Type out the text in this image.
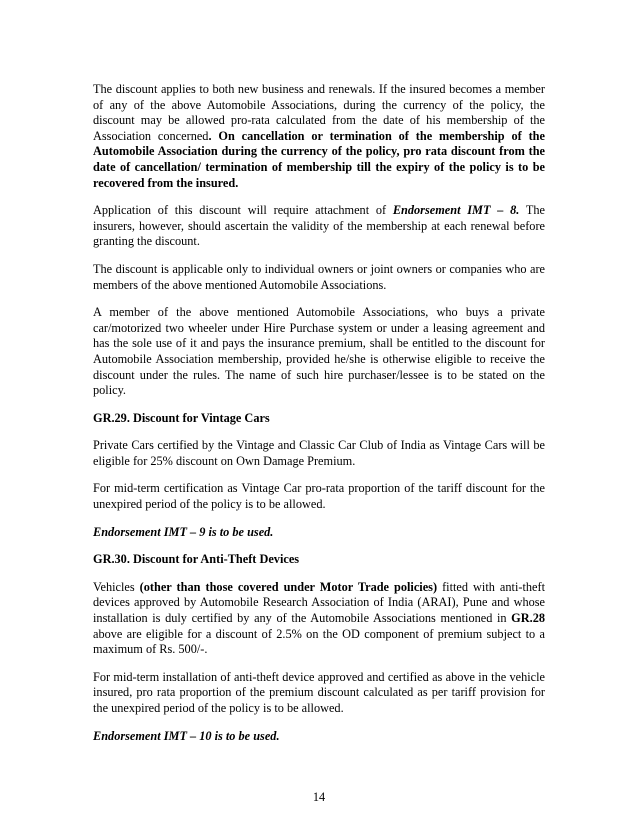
The discount applies to both new business and renewals. If the insured becomes a member of any of the above Automobile Associations, during the currency of the policy, the discount may be allowed pro-rata calculated from the date of his membership of the Association concerned. On cancellation or termination of the membership of the Automobile Association during the currency of the policy, pro rata discount from the date of cancellation/ termination of membership till the expiry of the policy is to be recovered from the insured.

Application of this discount will require attachment of Endorsement IMT – 8. The insurers, however, should ascertain the validity of the membership at each renewal before granting the discount.

The discount is applicable only to individual owners or joint owners or companies who are members of the above mentioned Automobile Associations.

A member of the above mentioned Automobile Associations, who buys a private car/motorized two wheeler under Hire Purchase system or under a leasing agreement and has the sole use of it and pays the insurance premium, shall be entitled to the discount for Automobile Association membership, provided he/she is otherwise eligible to receive the discount under the rules. The name of such hire purchaser/lessee is to be stated on the policy.

GR.29. Discount for Vintage Cars

Private Cars certified by the Vintage and Classic Car Club of India as Vintage Cars will be eligible for 25% discount on Own Damage Premium.

For mid-term certification as Vintage Car pro-rata proportion of the tariff discount for the unexpired period of the policy is to be allowed.

Endorsement IMT – 9 is to be used.

GR.30. Discount for Anti-Theft Devices

Vehicles (other than those covered under Motor Trade policies) fitted with anti-theft devices approved by Automobile Research Association of India (ARAI), Pune and whose installation is duly certified by any of the Automobile Associations mentioned in GR.28 above are eligible for a discount of 2.5% on the OD component of premium subject to a maximum of Rs. 500/-.

For mid-term installation of anti-theft device approved and certified as above in the vehicle insured, pro rata proportion of the premium discount calculated as per tariff provision for the unexpired period of the policy is to be allowed.

Endorsement IMT – 10 is to be used.

14
